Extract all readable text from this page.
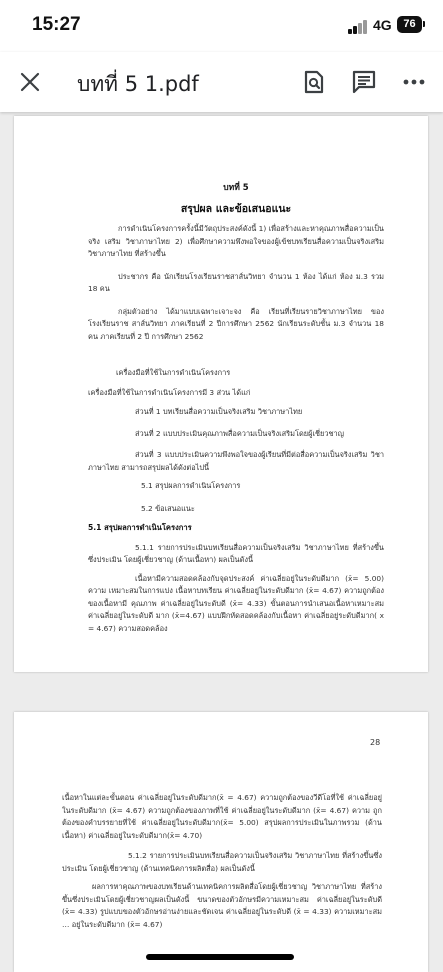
15:27	4G	76
บทที่ 5 1.pdf
บทที่ 5
สรุปผล และข้อเสนอแนะ

การดำเนินโครงการครั้งนี้มีวัตถุประสงค์ดังนี้ 1) เพื่อสร้างและหาคุณภาพสื่อความเป็นจริง เสริม วิชาภาษาไทย 2) เพื่อศึกษาความพึงพอใจของผู้เข้ชบทเรียนสื่อความเป็นจริงเสริม วิชาภาษาไทย ที่สร้างขึ้น

ประชากร คือ นักเรียนโรงเรียนราชสาส์นวิทยา จำนวน 1 ห้อง ได้แก่ ห้อง ม.3 รวม 18 คน

กลุ่มตัวอย่าง ได้มาแบบเฉพาะเจาะจง คือ เรียนที่เรียนรายวิชาภาษาไทย ของโรงเรียนราช สาส์นวิทยา ภาคเรียนที่ 2 ปีการศึกษา 2562 นักเรียนระดับชั้น ม.3 จำนวน 18 คน ภาคเรียนที่ 2 ปี การศึกษา 2562

เครื่องมือที่ใช้ในการดำเนินโครงการ

เครื่องมือที่ใช้ในการดำเนินโครงการมี 3 ส่วน ได้แก่

ส่วนที่ 1 บทเรียนสื่อความเป็นจริงเสริม วิชาภาษาไทย

ส่วนที่ 2 แบบประเมินคุณภาพสื่อความเป็นจริงเสริมโดยผู้เชี่ยวชาญ

ส่วนที่ 3 แบบประเมินความพึงพอใจของผู้เรียนที่มีต่อสื่อความเป็นจริงเสริม วิชาภาษาไทย สามารถสรุปผลได้ดังต่อไปนี้

5.1 สรุปผลการดำเนินโครงการ

5.2 ข้อเสนอแนะ

5.1 สรุปผลการดำเนินโครงการ

5.1.1 รายการประเมินบทเรียนสื่อความเป็นจริงเสริม วิชาภาษาไทย ที่สร้างขึ้นซึ่งประเมิน โดยผู้เชี่ยวชาญ (ด้านเนื้อหา) ผลเป็นดังนี้

เนื้อหามีความสอดคล้องกับจุดประสงค์ ค่าเฉลี่ยอยู่ในระดับดีมาก (x̄= 5.00) ความ เหมาะสมในการแบ่ง เนื้อหาบทเรียน ค่าเฉลี่ยอยู่ในระดับดีมาก (x̄= 4.67) ความถูกต้องของเนื้อหามี คุณภาพ ค่าเฉลี่ยอยู่ในระดับดี (x̄= 4.33) ขั้นตอนการนำเสนอเนื้อหาเหมาะสม ค่าเฉลี่ยอยู่ในระดับดี มาก (x̄=4.67) แบบฝึกหัดสอดคล้องกับเนื้อหา ค่าเฉลี่ยอยู่ระดับดีมาก( x = 4.67) ความสอดคล้อง

28

เนื้อหาในแต่ละขั้นตอน ค่าเฉลี่ยอยู่ในระดับดีมาก(x̄ = 4.67) ความถูกต้องของวีดีโอที่ใช้ ค่าเฉลี่ยอยู่ ในระดับดีมาก (x̄= 4.67) ความถูกต้องของภาพที่ใช้ ค่าเฉลี่ยอยู่ในระดับดีมาก (x̄= 4.67) ความ ถูกต้องของคำบรรยายที่ใช้ ค่าเฉลี่ยอยู่ในระดับดีมาก(x̄= 5.00) สรุปผลการประเมินในภาพรวม (ด้านเนื้อหา) ค่าเฉลี่ยอยู่ในระดับดีมาก(x̄= 4.70)

5.1.2 รายการประเมินบทเรียนสื่อความเป็นจริงเสริม วิชาภาษาไทย ที่สร้างขึ้นซึ่งประเมิน โดยผู้เชี่ยวชาญ (ด้านเทคนิคการผลิตสื่อ) ผลเป็นดังนี้

ผลการหาคุณภาพของบทเรียนด้านเทคนิคการผลิตสื่อโดยผู้เชี่ยวชาญ วิชาภาษาไทย ที่สร้างขึ้นซึ่งประเมินโดยผู้เชี่ยวชาญผลเป็นดังนี้ ขนาดของตัวอักษรมีความเหมาะสม ค่าเฉลี่ยอยู่ในระดับดี (x̄= 4.33) รูปแบบของตัวอักษรอ่านง่ายและชัดเจน ค่าเฉลี่ยอยู่ในระดับดี (x̄ = 4.33) ความเหมาะสม … อยู่ในระดับดีมาก (x̄= 4.67)
